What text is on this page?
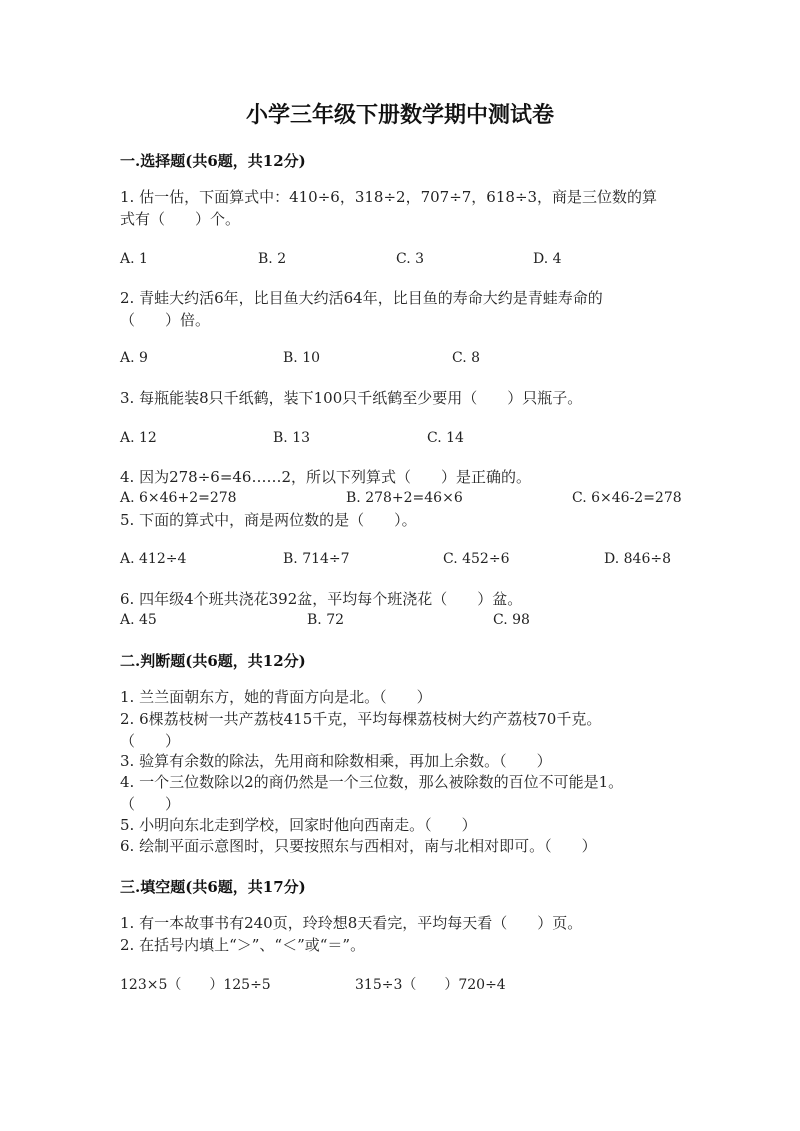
小学三年级下册数学期中测试卷
一.选择题(共6题，共12分)
1. 估一估，下面算式中：410÷6，318÷2，707÷7，618÷3，商是三位数的算
式有（　　）个。
A. 1	B. 2	C. 3	D. 4
2. 青蛙大约活6年，比目鱼大约活64年，比目鱼的寿命大约是青蛙寿命的
（　　）倍。
A. 9	B. 10	C. 8
3. 每瓶能装8只千纸鹤，装下100只千纸鹤至少要用（　　）只瓶子。
A. 12	B. 13	C. 14
4. 因为278÷6=46……2，所以下列算式（　　）是正确的。
A. 6×46+2=278	B. 278+2=46×6	C. 6×46-2=278
5. 下面的算式中，商是两位数的是（　　）。
A. 412÷4	B. 714÷7	C. 452÷6	D. 846÷8
6. 四年级4个班共浇花392盆，平均每个班浇花（　　）盆。
A. 45	B. 72	C. 98
二.判断题(共6题，共12分)
1. 兰兰面朝东方，她的背面方向是北。（　　）
2. 6棵荔枝树一共产荔枝415千克，平均每棵荔枝树大约产荔枝70千克。
（　　）
3. 验算有余数的除法，先用商和除数相乘，再加上余数。（　　）
4. 一个三位数除以2的商仍然是一个三位数，那么被除数的百位不可能是1。
（　　）
5. 小明向东北走到学校，回家时他向西南走。（　　）
6. 绘制平面示意图时，只要按照东与西相对，南与北相对即可。（　　）
三.填空题(共6题，共17分)
1. 有一本故事书有240页，玲玲想8天看完，平均每天看（　　）页。
2. 在括号内填上“＞”、“＜”或“＝”。
123×5（　　）125÷5	315÷3（　　）720÷4
